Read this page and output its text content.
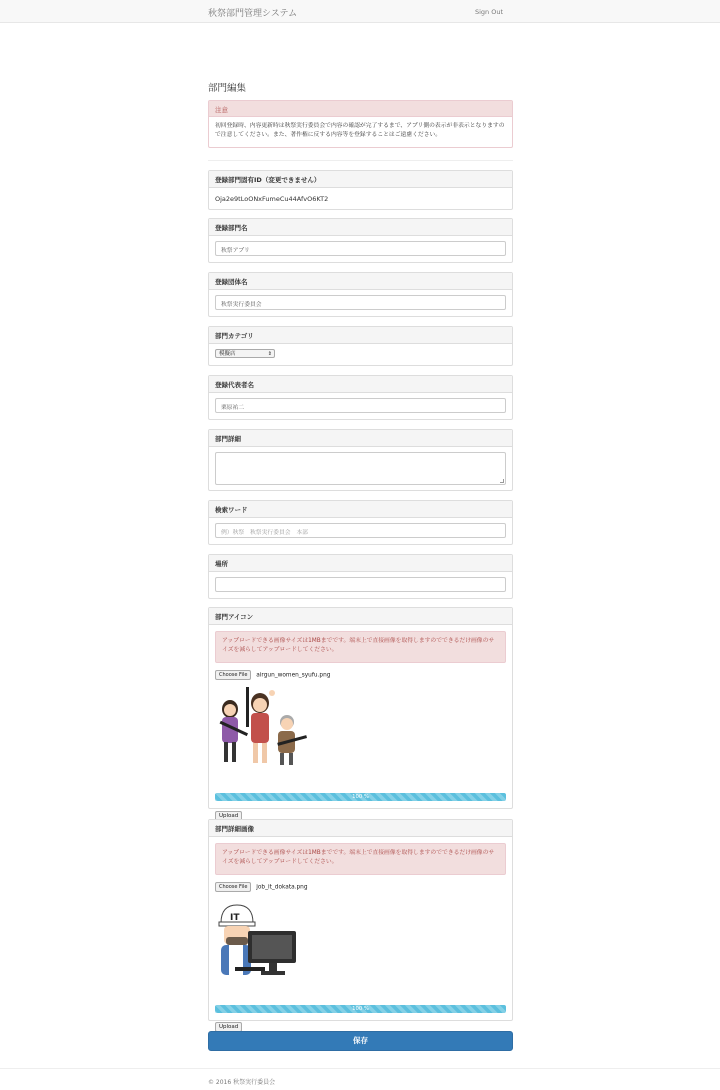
秋祭部門管理システム	Sign Out
部門編集
注意
初回登録時、内容更新時は秋祭実行委員会で内容の確認が完了するまで、アプリ側の表示が非表示となりますので注意してください。また、著作権に反する内容等を登録することはご遠慮ください。
登録部門固有ID（変更できません）
Oja2e9tLoONxFumeCu44AfvO6KT2
登録部門名
秋祭アプリ
登録団体名
秋祭実行委員会
部門カテゴリ
模擬店	⇕
登録代表者名
栗原祐二
部門詳細
検索ワード
例）秋祭　秋祭実行委員会　本部
場所
部門アイコン
アップロードできる画像サイズは1MBまでです。端末上で直接画像を取得しますのでできるだけ画像のサイズを減らしてアップロードしてください。
Choose File airgun_women_syufu.png
100 %
Upload
部門詳細画像
アップロードできる画像サイズは1MBまでです。端末上で直接画像を取得しますのでできるだけ画像のサイズを減らしてアップロードしてください。
Choose File job_it_dokata.png
IT
100 %
Upload
保存
© 2016 秋祭実行委員会
